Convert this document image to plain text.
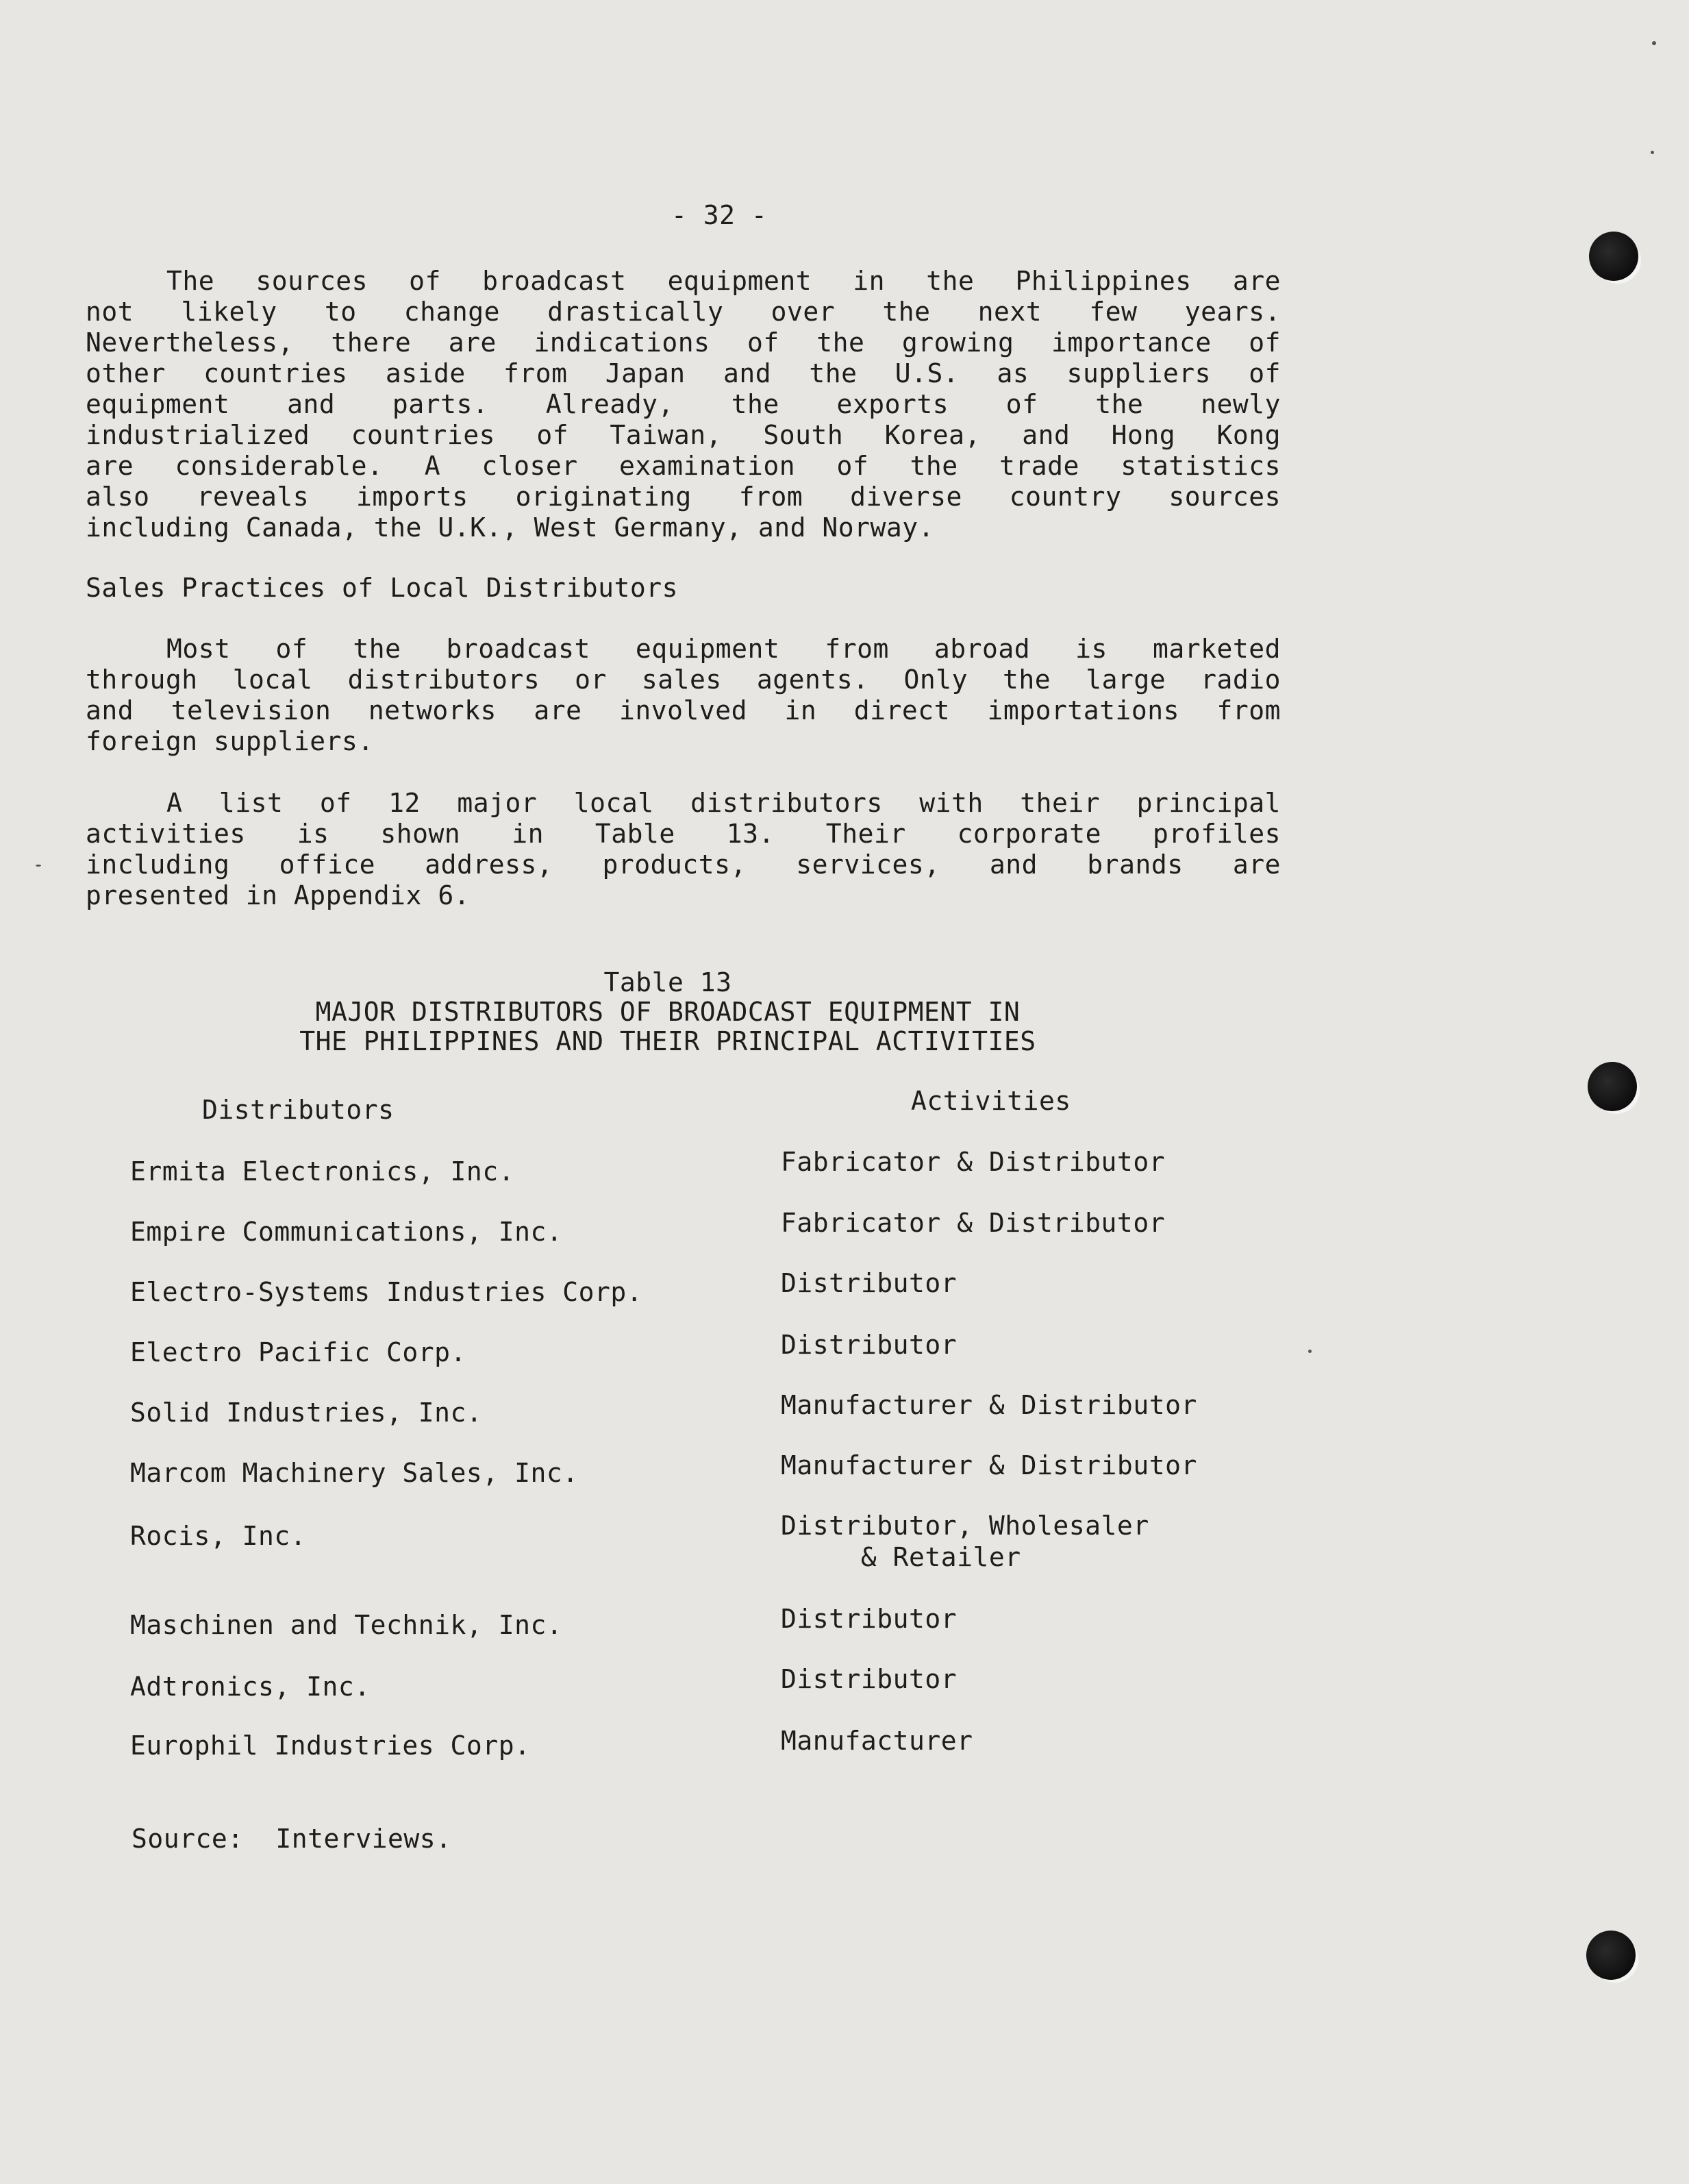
- 32 -
The sources of broadcast equipment in the Philippines are
not likely to change drastically over the next few years.
Nevertheless, there are indications of the growing importance of
other countries aside from Japan and the U.S. as suppliers of
equipment and parts. Already, the exports of the newly
industrialized countries of Taiwan, South Korea, and Hong Kong
are considerable. A closer examination of the trade statistics
also reveals imports originating from diverse country sources
including Canada, the U.K., West Germany, and Norway.
Sales Practices of Local Distributors
Most of the broadcast equipment from abroad is marketed
through local distributors or sales agents. Only the large radio
and television networks are involved in direct importations from
foreign suppliers.
A list of 12 major local distributors with their principal
activities is shown in Table 13. Their corporate profiles
including office address, products, services, and brands are
presented in Appendix 6.
Table 13
MAJOR DISTRIBUTORS OF BROADCAST EQUIPMENT IN
THE PHILIPPINES AND THEIR PRINCIPAL ACTIVITIES
Distributors	Activities
Ermita Electronics, Inc.	Fabricator & Distributor
Empire Communications, Inc.	Fabricator & Distributor
Electro-Systems Industries Corp.	Distributor
Electro Pacific Corp.	Distributor
Solid Industries, Inc.	Manufacturer & Distributor
Marcom Machinery Sales, Inc.	Manufacturer & Distributor
Rocis, Inc.	Distributor, Wholesaler
& Retailer
Maschinen and Technik, Inc.	Distributor
Adtronics, Inc.	Distributor
Europhil Industries Corp.	Manufacturer
Source:  Interviews.
